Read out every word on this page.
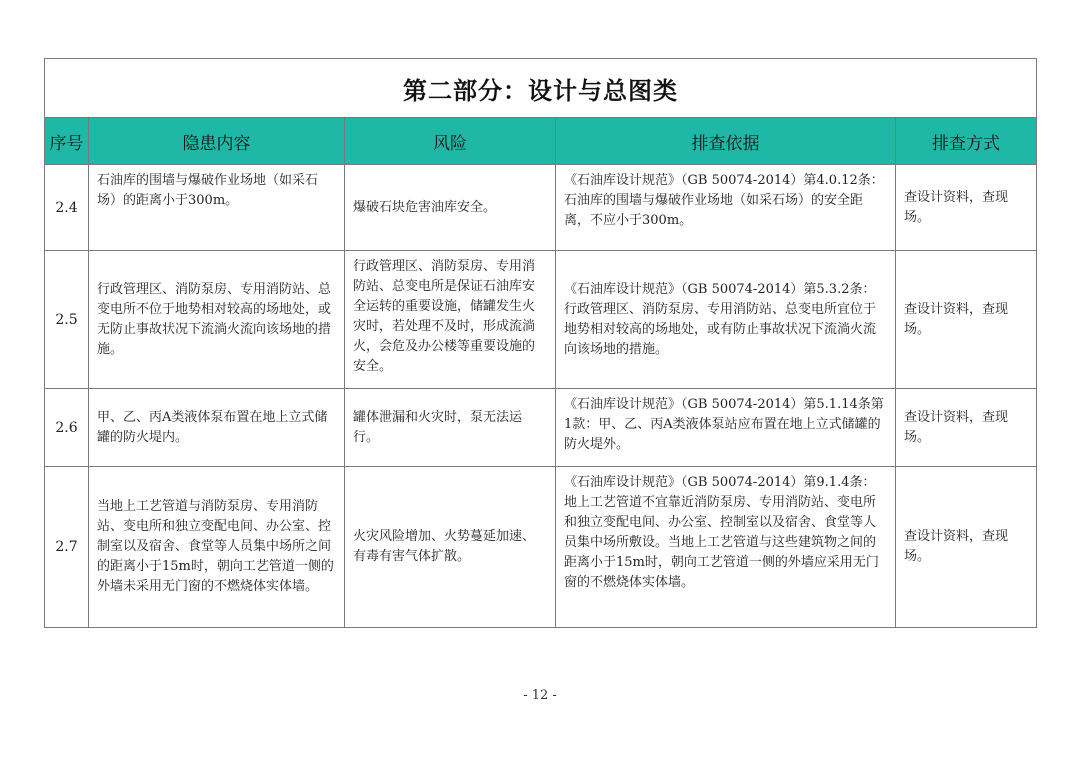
第二部分：设计与总图类				
序号	隐患内容	风险	排查依据	排查方式
2.4	石油库的围墙与爆破作业场地（如采石场）的距离小于300m。	爆破石块危害油库安全。	《石油库设计规范》（GB 50074-2014）第4.0.12条：石油库的围墙与爆破作业场地（如采石场）的安全距离，不应小于300m。	查设计资料，查现场。
2.5	行政管理区、消防泵房、专用消防站、总变电所不位于地势相对较高的场地处，或无防止事故状况下流淌火流向该场地的措施。	行政管理区、消防泵房、专用消防站、总变电所是保证石油库安全运转的重要设施，储罐发生火灾时，若处理不及时，形成流淌火，会危及办公楼等重要设施的安全。	《石油库设计规范》（GB 50074-2014）第5.3.2条：行政管理区、消防泵房、专用消防站、总变电所宜位于地势相对较高的场地处，或有防止事故状况下流淌火流向该场地的措施。	查设计资料，查现场。
2.6	甲、乙、丙A类液体泵布置在地上立式储罐的防火堤内。	罐体泄漏和火灾时，泵无法运行。	《石油库设计规范》（GB 50074-2014）第5.1.14条第1款：甲、乙、丙A类液体泵站应布置在地上立式储罐的防火堤外。	查设计资料，查现场。
2.7	当地上工艺管道与消防泵房、专用消防站、变电所和独立变配电间、办公室、控制室以及宿舍、食堂等人员集中场所之间的距离小于15m时，朝向工艺管道一侧的外墙未采用无门窗的不燃烧体实体墙。	火灾风险增加、火势蔓延加速、有毒有害气体扩散。	《石油库设计规范》（GB 50074-2014）第9.1.4条：地上工艺管道不宜靠近消防泵房、专用消防站、变电所和独立变配电间、办公室、控制室以及宿舍、食堂等人员集中场所敷设。当地上工艺管道与这些建筑物之间的距离小于15m时，朝向工艺管道一侧的外墙应采用无门窗的不燃烧体实体墙。	查设计资料，查现场。
- 12 -
